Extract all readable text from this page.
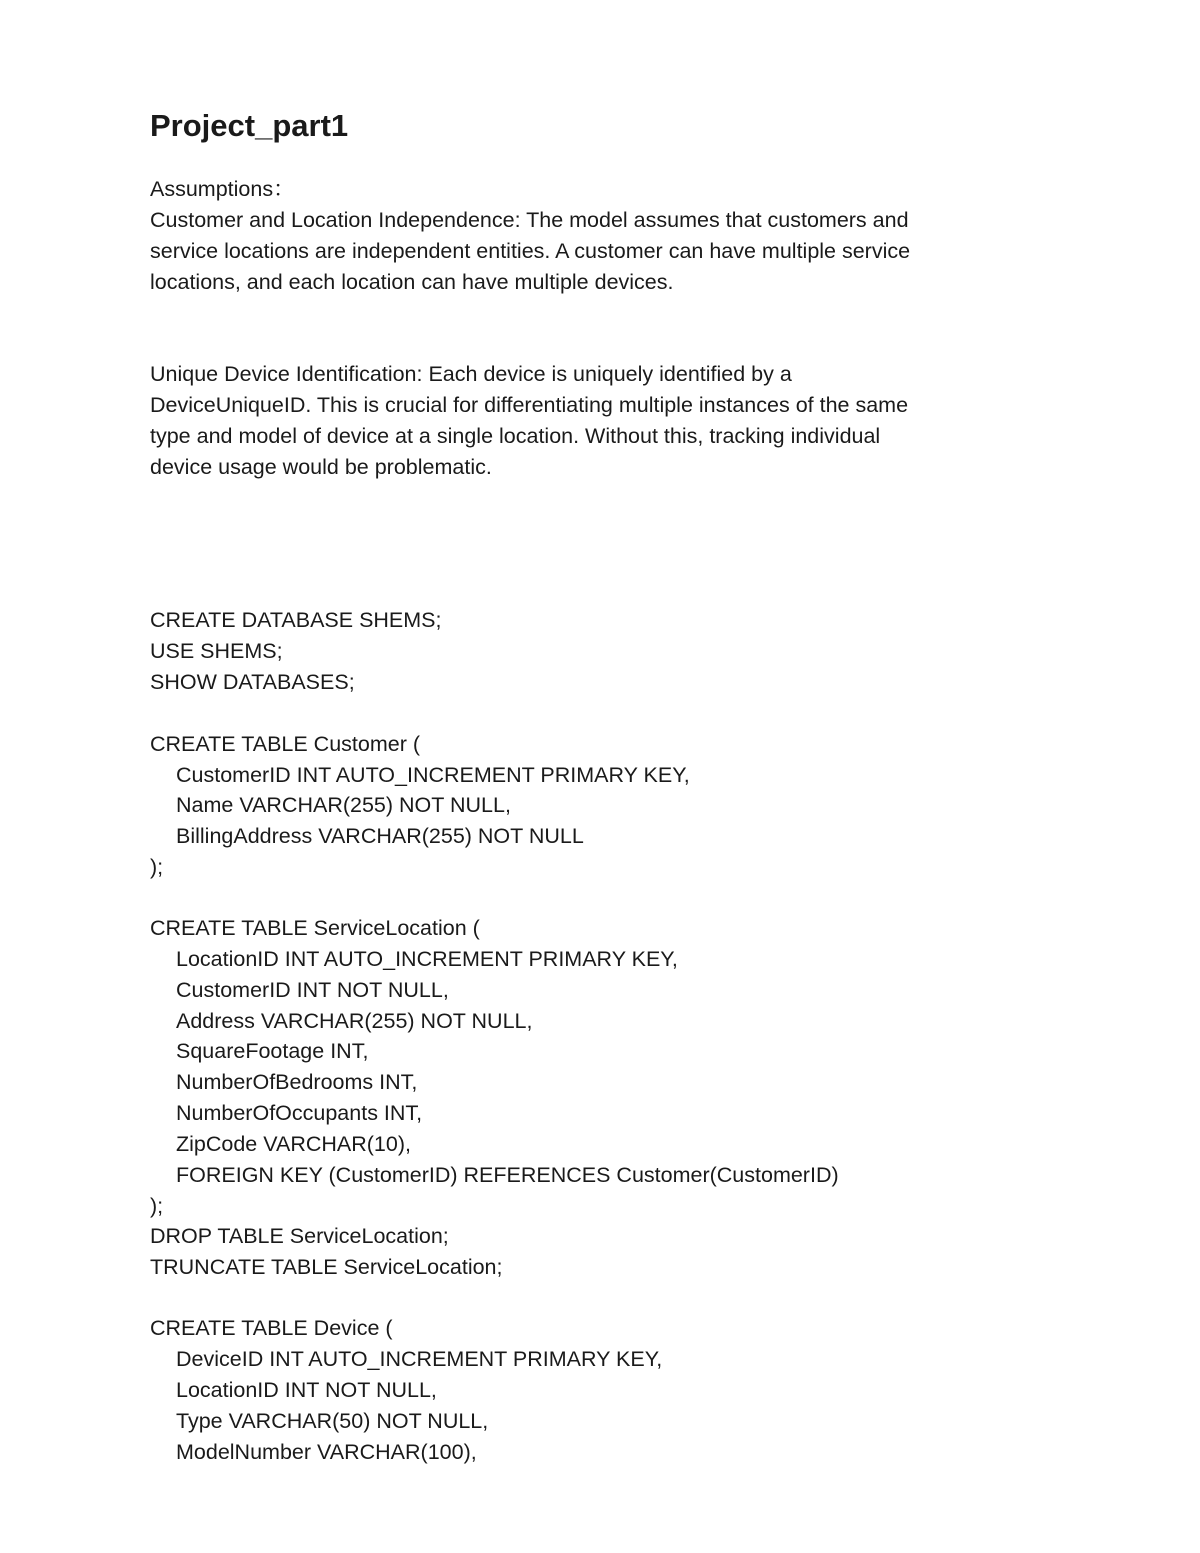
Project_part1
Assumptions：
Customer and Location Independence: The model assumes that customers and
service locations are independent entities. A customer can have multiple service
locations, and each location can have multiple devices.
Unique Device Identification: Each device is uniquely identified by a
DeviceUniqueID. This is crucial for differentiating multiple instances of the same
type and model of device at a single location. Without this, tracking individual
device usage would be problematic.
CREATE DATABASE SHEMS;
USE SHEMS;
SHOW DATABASES;
CREATE TABLE Customer (
CustomerID INT AUTO_INCREMENT PRIMARY KEY,
Name VARCHAR(255) NOT NULL,
BillingAddress VARCHAR(255) NOT NULL
);
CREATE TABLE ServiceLocation (
LocationID INT AUTO_INCREMENT PRIMARY KEY,
CustomerID INT NOT NULL,
Address VARCHAR(255) NOT NULL,
SquareFootage INT,
NumberOfBedrooms INT,
NumberOfOccupants INT,
ZipCode VARCHAR(10),
FOREIGN KEY (CustomerID) REFERENCES Customer(CustomerID)
);
DROP TABLE ServiceLocation;
TRUNCATE TABLE ServiceLocation;
CREATE TABLE Device (
DeviceID INT AUTO_INCREMENT PRIMARY KEY,
LocationID INT NOT NULL,
Type VARCHAR(50) NOT NULL,
ModelNumber VARCHAR(100),
